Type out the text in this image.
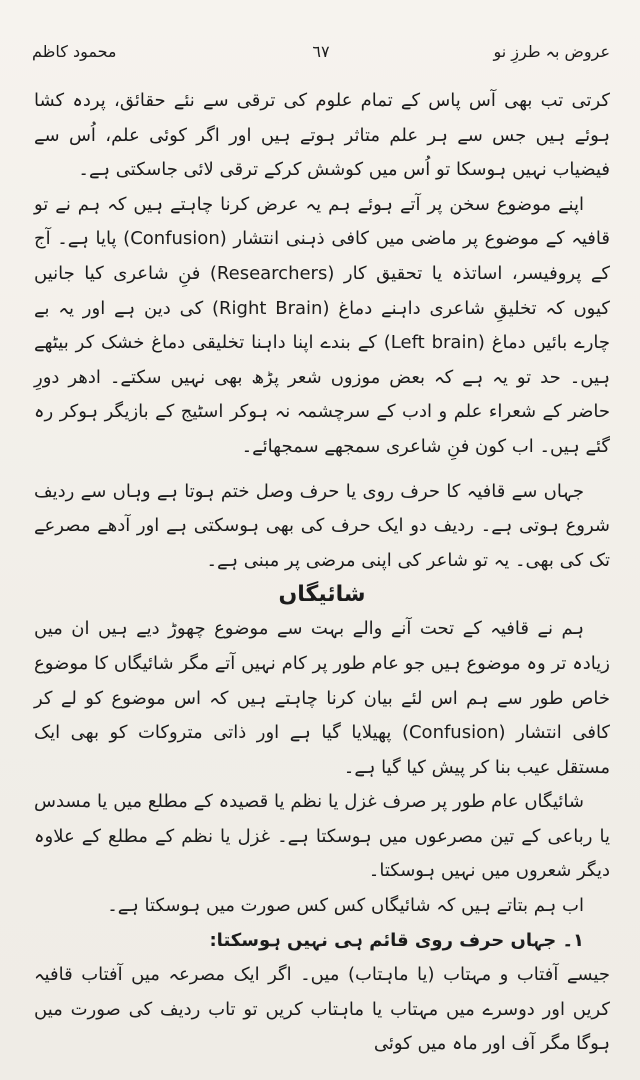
عروض بہ طرزِ نو
٦٧
محمود کاظم

کرتی تب بھی آس پاس کے تمام علوم کی ترقی سے نئے حقائق، پردہ کشا ہوئے ہیں جس سے ہر علم متاثر ہوتے ہیں اور اگر کوئی علم، اُس سے فیضیاب نہیں ہوسکا تو اُس میں کوشش کرکے ترقی لائی جاسکتی ہے۔

اپنے موضوع سخن پر آتے ہوئے ہم یہ عرض کرنا چاہتے ہیں کہ ہم نے تو قافیہ کے موضوع پر ماضی میں کافی ذہنی انتشار (Confusion) پایا ہے۔ آج کے پروفیسر، اساتذہ یا تحقیق کار (Researchers) فنِ شاعری کیا جانیں کیوں کہ تخلیقِ شاعری داہنے دماغ (Right Brain) کی دین ہے اور یہ بے چارے بائیں دماغ (Left brain) کے بندے اپنا داہنا تخلیقی دماغ خشک کر بیٹھے ہیں۔ حد تو یہ ہے کہ بعض موزوں شعر پڑھ بھی نہیں سکتے۔ ادھر دورِ حاضر کے شعراء علم و ادب کے سرچشمہ نہ ہوکر اسٹیج کے بازیگر ہوکر رہ گئے ہیں۔ اب کون فنِ شاعری سمجھے سمجھائے۔

جہاں سے قافیہ کا حرف روی یا حرف وصل ختم ہوتا ہے وہاں سے ردیف شروع ہوتی ہے۔ ردیف دو ایک حرف کی بھی ہوسکتی ہے اور آدھے مصرعے تک کی بھی۔ یہ تو شاعر کی اپنی مرضی پر مبنی ہے۔

شائیگاں

ہم نے قافیہ کے تحت آنے والے بہت سے موضوع چھوڑ دیے ہیں ان میں زیادہ تر وہ موضوع ہیں جو عام طور پر کام نہیں آتے مگر شائیگاں کا موضوع خاص طور سے ہم اس لئے بیان کرنا چاہتے ہیں کہ اس موضوع کو لے کر کافی انتشار (Confusion) پھیلایا گیا ہے اور ذاتی متروکات کو بھی ایک مستقل عیب بنا کر پیش کیا گیا ہے۔

شائیگاں عام طور پر صرف غزل یا نظم یا قصیدہ کے مطلع میں یا مسدس یا رباعی کے تین مصرعوں میں ہوسکتا ہے۔ غزل یا نظم کے مطلع کے علاوہ دیگر شعروں میں نہیں ہوسکتا۔

اب ہم بتاتے ہیں کہ شائیگاں کس کس صورت میں ہوسکتا ہے۔

١۔ جہاں حرف روی قائم ہی نہیں ہوسکتا:

جیسے آفتاب و مہتاب (یا ماہتاب) میں۔ اگر ایک مصرعہ میں آفتاب قافیہ کریں اور دوسرے میں مہتاب یا ماہتاب کریں تو تاب ردیف کی صورت میں ہوگا مگر آف اور ماہ میں کوئی
